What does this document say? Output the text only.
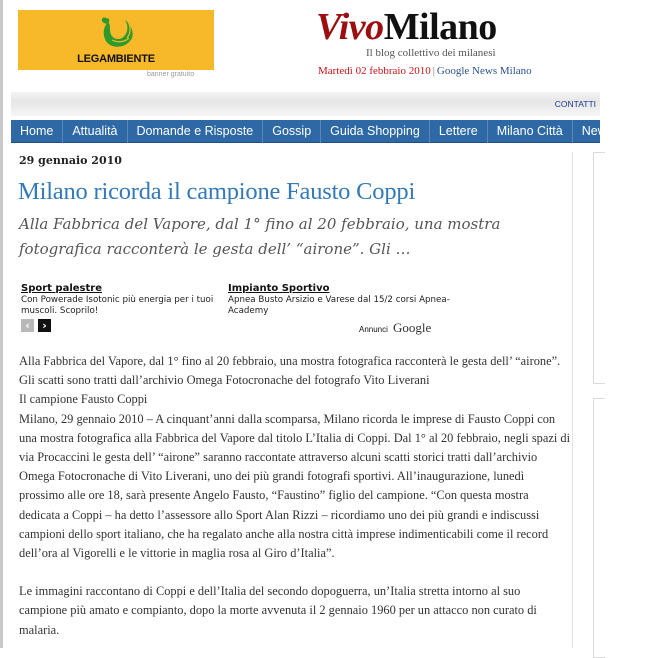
LEGAMBIENTE
banner gratuito
VivoMilano
Il blog collettivo dei milanesi
Martedì 02 febbraio 2010 | Google News Milano
CONTATTI
Home	Attualità	Domande e Risposte	Gossip	Guida Shopping	Lettere	Milano Città	NewsFlash
29 gennaio 2010
Milano ricorda il campione Fausto Coppi
Alla Fabbrica del Vapore, dal 1° fino al 20 febbraio, una mostra fotografica racconterà le gesta dell’ “airone”. Gli …
Sport palestre
Con Powerade Isotonic più energia per i tuoi muscoli. Scoprilo!
Impianto Sportivo
Apnea Busto Arsizio e Varese dal 15/2 corsi Apnea-Academy
‹	›	Annunci Google

Alla Fabbrica del Vapore, dal 1° fino al 20 febbraio, una mostra fotografica racconterà le gesta dell’ “airone”.

Gli scatti sono tratti dall’archivio Omega Fotocronache del fotografo Vito Liverani

Il campione Fausto Coppi

Milano, 29 gennaio 2010 – A cinquant’anni dalla scomparsa, Milano ricorda le imprese di Fausto Coppi con una mostra fotografica alla Fabbrica del Vapore dal titolo L’Italia di Coppi. Dal 1° al 20 febbraio, negli spazi di via Procaccini le gesta dell’ “airone” saranno raccontate attraverso alcuni scatti storici tratti dall’archivio Omega Fotocronache di Vito Liverani, uno dei più grandi fotografi sportivi. All’inaugurazione, lunedì prossimo alle ore 18, sarà presente Angelo Fausto, “Faustino” figlio del campione. “Con questa mostra dedicata a Coppi – ha detto l’assessore allo Sport Alan Rizzi – ricordiamo uno dei più grandi e indiscussi campioni dello sport italiano, che ha regalato anche alla nostra città imprese indimenticabili come il record dell’ora al Vigorelli e le vittorie in maglia rosa al Giro d’Italia”.

Le immagini raccontano di Coppi e dell’Italia del secondo dopoguerra, un’Italia stretta intorno al suo campione più amato e compianto, dopo la morte avvenuta il 2 gennaio 1960 per un attacco non curato di malaria.
